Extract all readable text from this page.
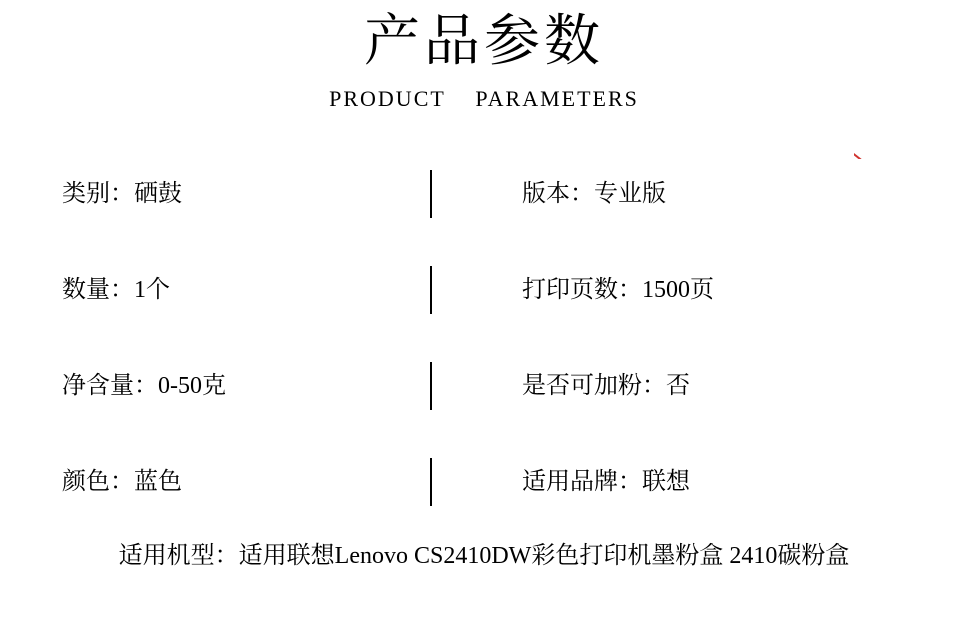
产品参数
PRODUCT    PARAMETERS
类别：硒鼓	版本：专业版
数量：1个	打印页数：1500页
净含量：0-50克	是否可加粉：否
颜色：蓝色	适用品牌：联想
适用机型：适用联想Lenovo CS2410DW彩色打印机墨粉盒 2410碳粉盒
